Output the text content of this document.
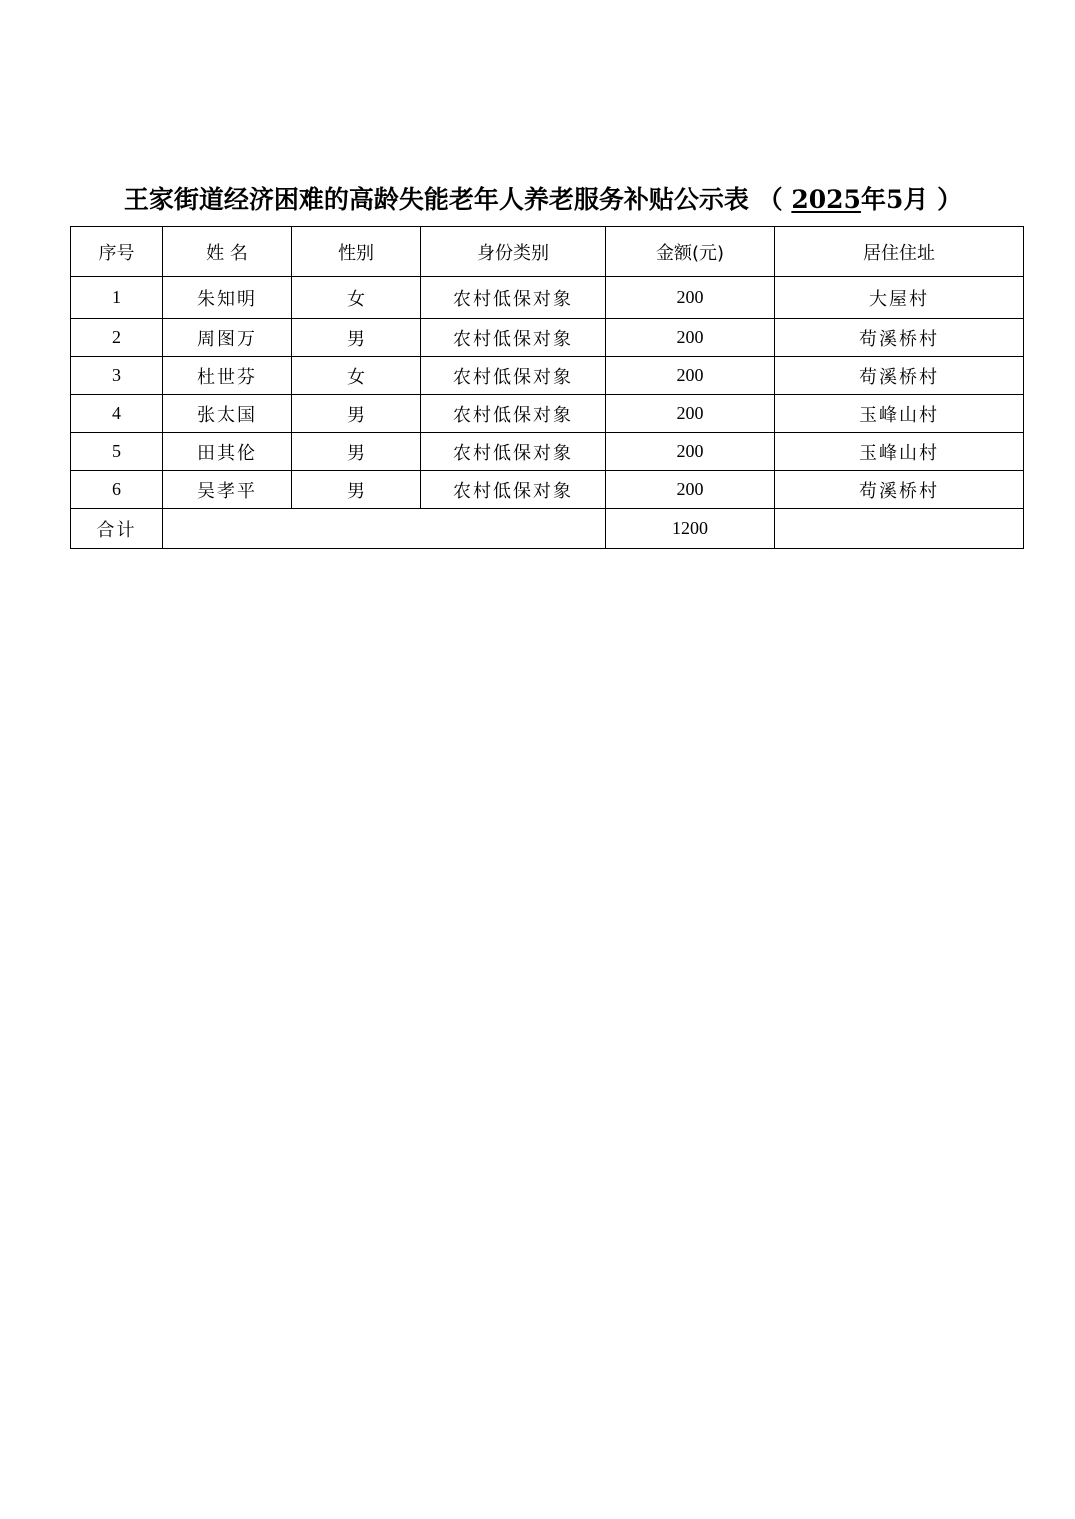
王家街道经济困难的高龄失能老年人养老服务补贴公示表 （ 2025年5月 ）
序号	姓 名	性别	身份类别	金额(元)	居住住址
1	朱知明	女	农村低保对象	200	大屋村
2	周图万	男	农村低保对象	200	苟溪桥村
3	杜世芬	女	农村低保对象	200	苟溪桥村
4	张太国	男	农村低保对象	200	玉峰山村
5	田其伦	男	农村低保对象	200	玉峰山村
6	吴孝平	男	农村低保对象	200	苟溪桥村
合计				1200	
